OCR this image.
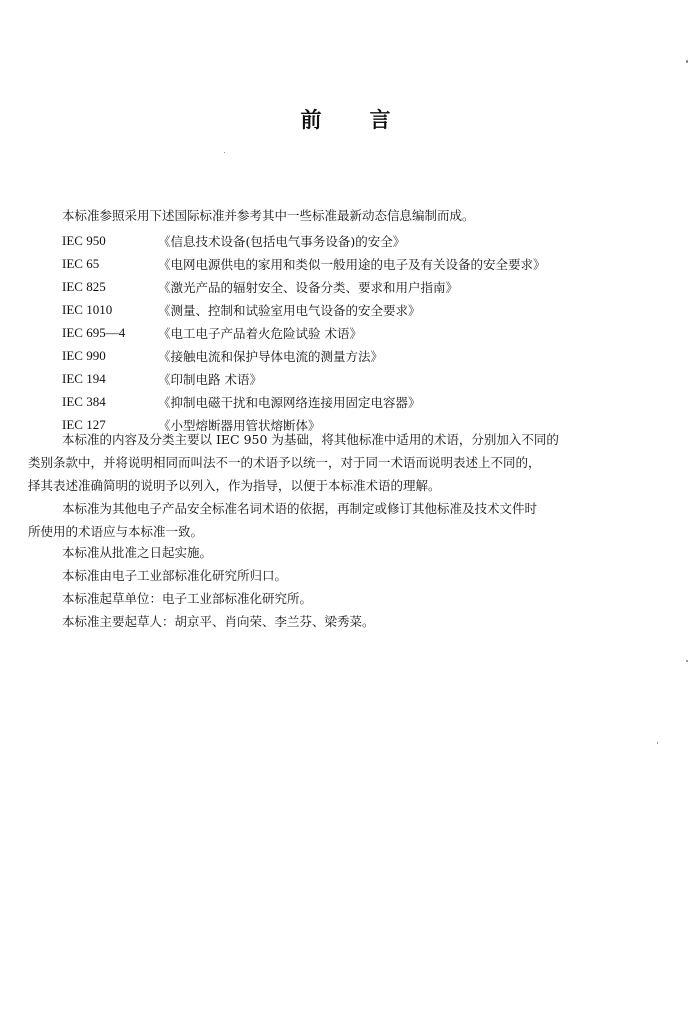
前 言
本标准参照采用下述国际标准并参考其中一些标准最新动态信息编制而成。
IEC 950	《信息技术设备(包括电气事务设备)的安全》
IEC 65	《电网电源供电的家用和类似一般用途的电子及有关设备的安全要求》
IEC 825	《激光产品的辐射安全、设备分类、要求和用户指南》
IEC 1010	《测量、控制和试验室用电气设备的安全要求》
IEC 695—4	《电工电子产品着火危险试验 术语》
IEC 990	《接触电流和保护导体电流的测量方法》
IEC 194	《印制电路 术语》
IEC 384	《抑制电磁干扰和电源网络连接用固定电容器》
IEC 127	《小型熔断器用管状熔断体》
本标准的内容及分类主要以 IEC 950 为基础，将其他标准中适用的术语，分别加入不同的
类别条款中，并将说明相同而叫法不一的术语予以统一，对于同一术语而说明表述上不同的，
择其表述准确简明的说明予以列入，作为指导，以便于本标准术语的理解。
本标准为其他电子产品安全标准名词术语的依据，再制定或修订其他标准及技术文件时
所使用的术语应与本标准一致。
本标准从批准之日起实施。
本标准由电子工业部标准化研究所归口。
本标准起草单位：电子工业部标准化研究所。
本标准主要起草人：胡京平、肖向荣、李兰芬、梁秀菜。
